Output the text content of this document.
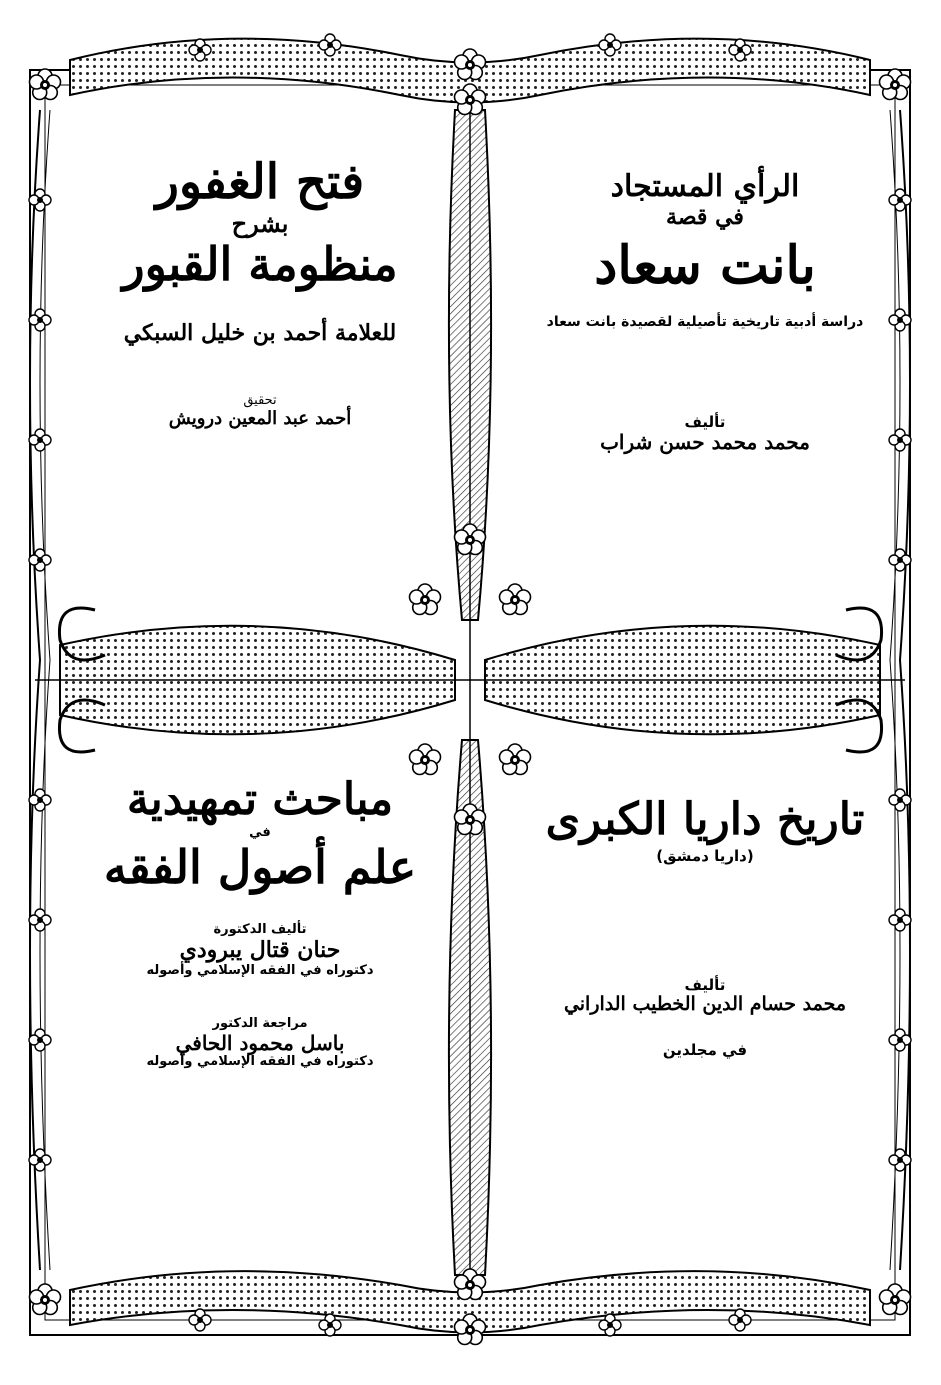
الرأي المستجاد
في قصة
بانت سعاد
دراسة أدبية تاريخية تأصيلية لقصيدة بانت سعاد
تأليف
محمد محمد حسن شراب
فتح الغفور
بشرح
منظومة القبور
للعلامة أحمد بن خليل السبكي
تحقيق
أحمد عبد المعين درويش
تاريخ داريا الكبرى
(داريا دمشق)
تأليف
محمد حسام الدين الخطيب الداراني
في مجلدين
مباحث تمهيدية
في
علم أصول الفقه
تأليف الدكتورة
حنان قتال يبرودي
دكتوراه في الفقه الإسلامي وأصوله
مراجعة الدكتور
باسل محمود الحافي
دكتوراه في الفقه الإسلامي وأصوله
